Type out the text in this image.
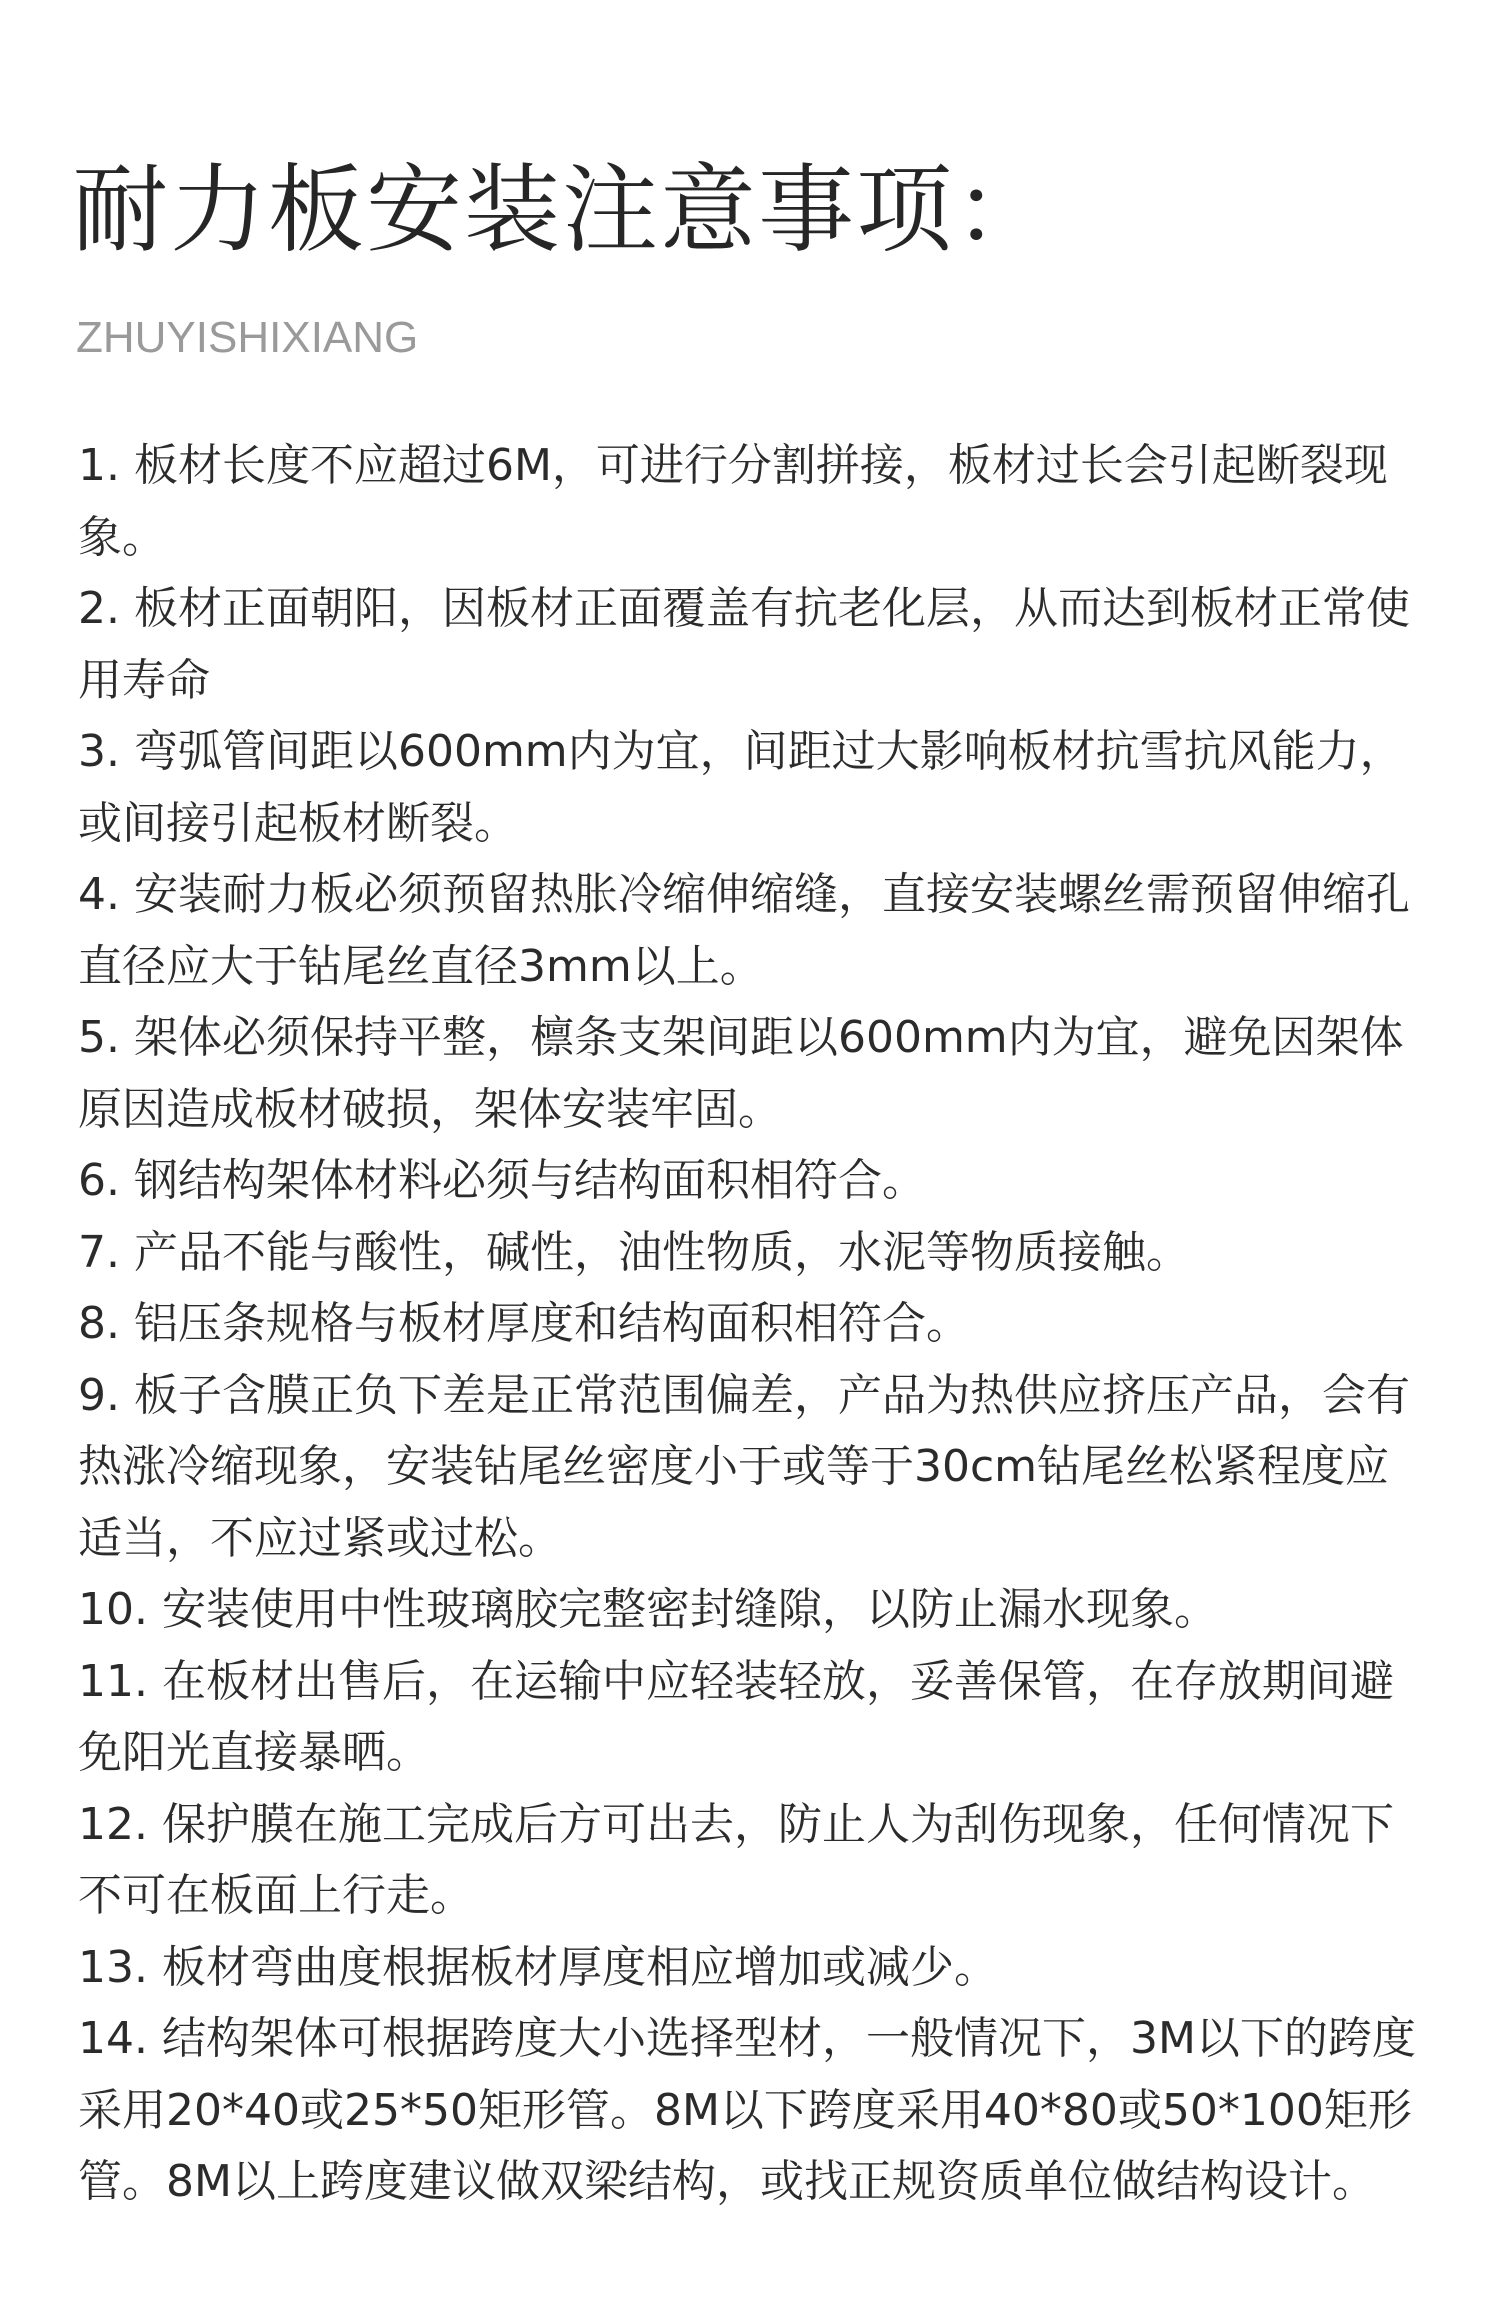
耐力板安装注意事项：
ZHUYISHIXIANG
1. 板材长度不应超过6M，可进行分割拼接，板材过长会引起断裂现象。
2. 板材正面朝阳，因板材正面覆盖有抗老化层，从而达到板材正常使用寿命
3. 弯弧管间距以600mm内为宜，间距过大影响板材抗雪抗风能力，或间接引起板材断裂。
4. 安装耐力板必须预留热胀冷缩伸缩缝，直接安装螺丝需预留伸缩孔直径应大于钻尾丝直径3mm以上。
5. 架体必须保持平整，檩条支架间距以600mm内为宜，避免因架体原因造成板材破损，架体安装牢固。
6. 钢结构架体材料必须与结构面积相符合。
7. 产品不能与酸性，碱性，油性物质，水泥等物质接触。
8. 铝压条规格与板材厚度和结构面积相符合。
9. 板子含膜正负下差是正常范围偏差，产品为热供应挤压产品，会有热涨冷缩现象，安装钻尾丝密度小于或等于30cm钻尾丝松紧程度应适当，不应过紧或过松。
10. 安装使用中性玻璃胶完整密封缝隙，以防止漏水现象。
11. 在板材出售后，在运输中应轻装轻放，妥善保管，在存放期间避免阳光直接暴晒。
12. 保护膜在施工完成后方可出去，防止人为刮伤现象，任何情况下不可在板面上行走。
13. 板材弯曲度根据板材厚度相应增加或减少。
14. 结构架体可根据跨度大小选择型材，一般情况下，3M以下的跨度采用20*40或25*50矩形管。8M以下跨度采用40*80或50*100矩形管。8M以上跨度建议做双梁结构，或找正规资质单位做结构设计。
